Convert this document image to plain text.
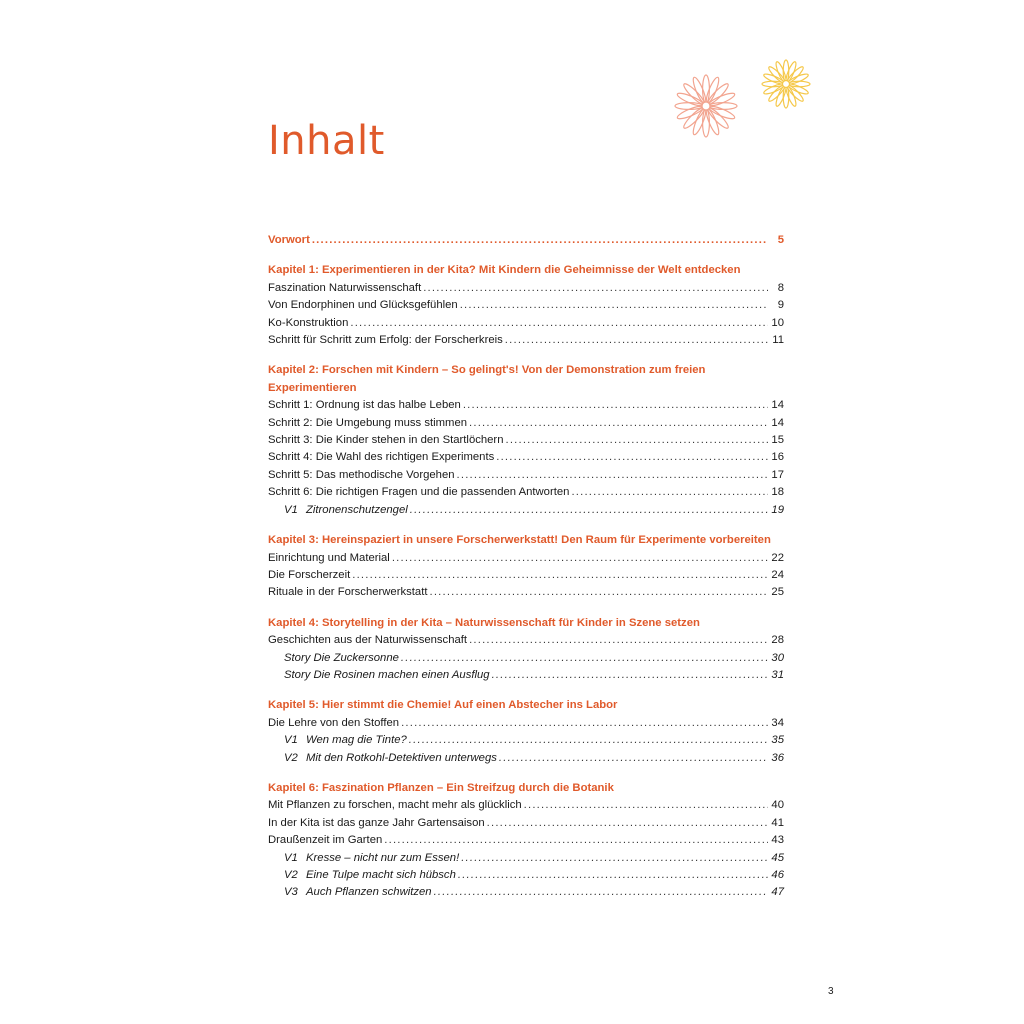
Inhalt
Vorwort .....	5
Kapitel 1: Experimentieren in der Kita? Mit Kindern die Geheimnisse der Welt entdecken
Faszination Naturwissenschaft .....	8
Von Endorphinen und Glücksgefühlen .....	9
Ko-Konstruktion .....	10
Schritt für Schritt zum Erfolg: der Forscherkreis .....	11
Kapitel 2: Forschen mit Kindern – So gelingt's! Von der Demonstration zum freien Experimentieren
Schritt 1: Ordnung ist das halbe Leben .....	14
Schritt 2: Die Umgebung muss stimmen .....	14
Schritt 3: Die Kinder stehen in den Startlöchern .....	15
Schritt 4: Die Wahl des richtigen Experiments .....	16
Schritt 5: Das methodische Vorgehen .....	17
Schritt 6: Die richtigen Fragen und die passenden Antworten .....	18
V1 Zitronenschutzengel .....	19
Kapitel 3: Hereinspaziert in unsere Forscherwerkstatt! Den Raum für Experimente vorbereiten
Einrichtung und Material .....	22
Die Forscherzeit .....	24
Rituale in der Forscherwerkstatt .....	25
Kapitel 4: Storytelling in der Kita – Naturwissenschaft für Kinder in Szene setzen
Geschichten aus der Naturwissenschaft .....	28
Story Die Zuckersonne .....	30
Story Die Rosinen machen einen Ausflug .....	31
Kapitel 5: Hier stimmt die Chemie! Auf einen Abstecher ins Labor
Die Lehre von den Stoffen .....	34
V1 Wen mag die Tinte? .....	35
V2 Mit den Rotkohl-Detektiven unterwegs .....	36
Kapitel 6: Faszination Pflanzen – Ein Streifzug durch die Botanik
Mit Pflanzen zu forschen, macht mehr als glücklich .....	40
In der Kita ist das ganze Jahr Gartensaison .....	41
Draußenzeit im Garten .....	43
V1 Kresse – nicht nur zum Essen! .....	45
V2 Eine Tulpe macht sich hübsch .....	46
V3 Auch Pflanzen schwitzen .....	47
3
